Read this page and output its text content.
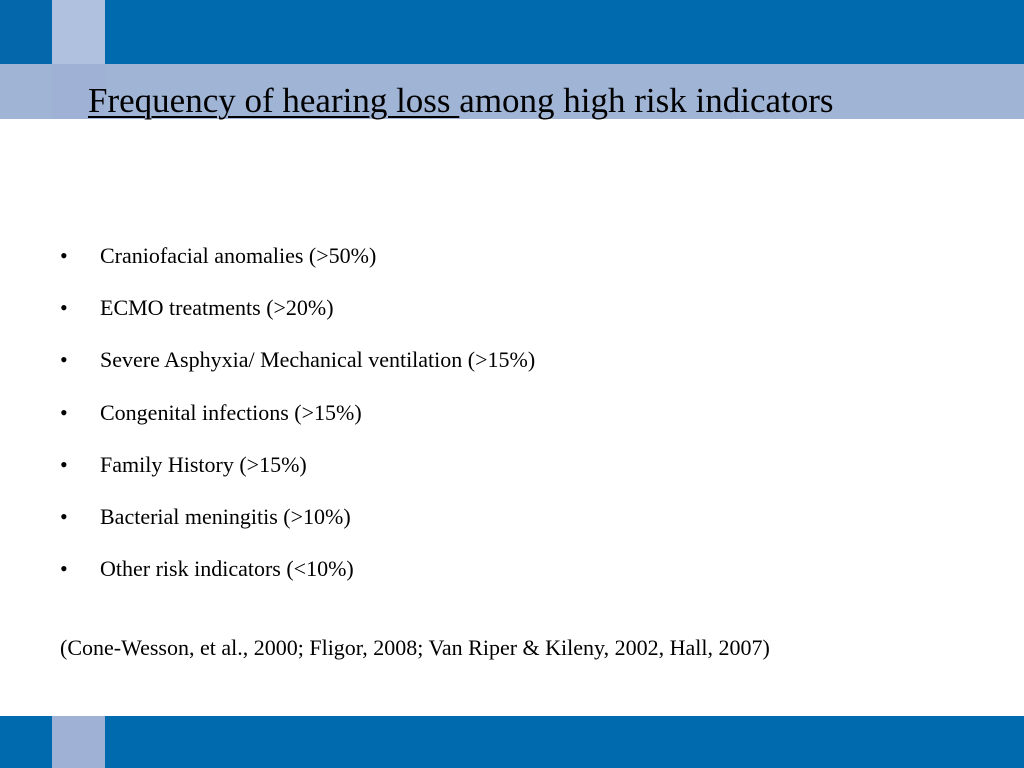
Frequency of hearing loss among high risk indicators
•	Craniofacial anomalies (>50%)
•	ECMO treatments (>20%)
•	Severe Asphyxia/ Mechanical ventilation (>15%)
•	Congenital infections (>15%)
•	Family History (>15%)
•	Bacterial meningitis (>10%)
•	Other risk indicators (<10%)

(Cone-Wesson, et al., 2000; Fligor, 2008; Van Riper & Kileny, 2002, Hall, 2007)
